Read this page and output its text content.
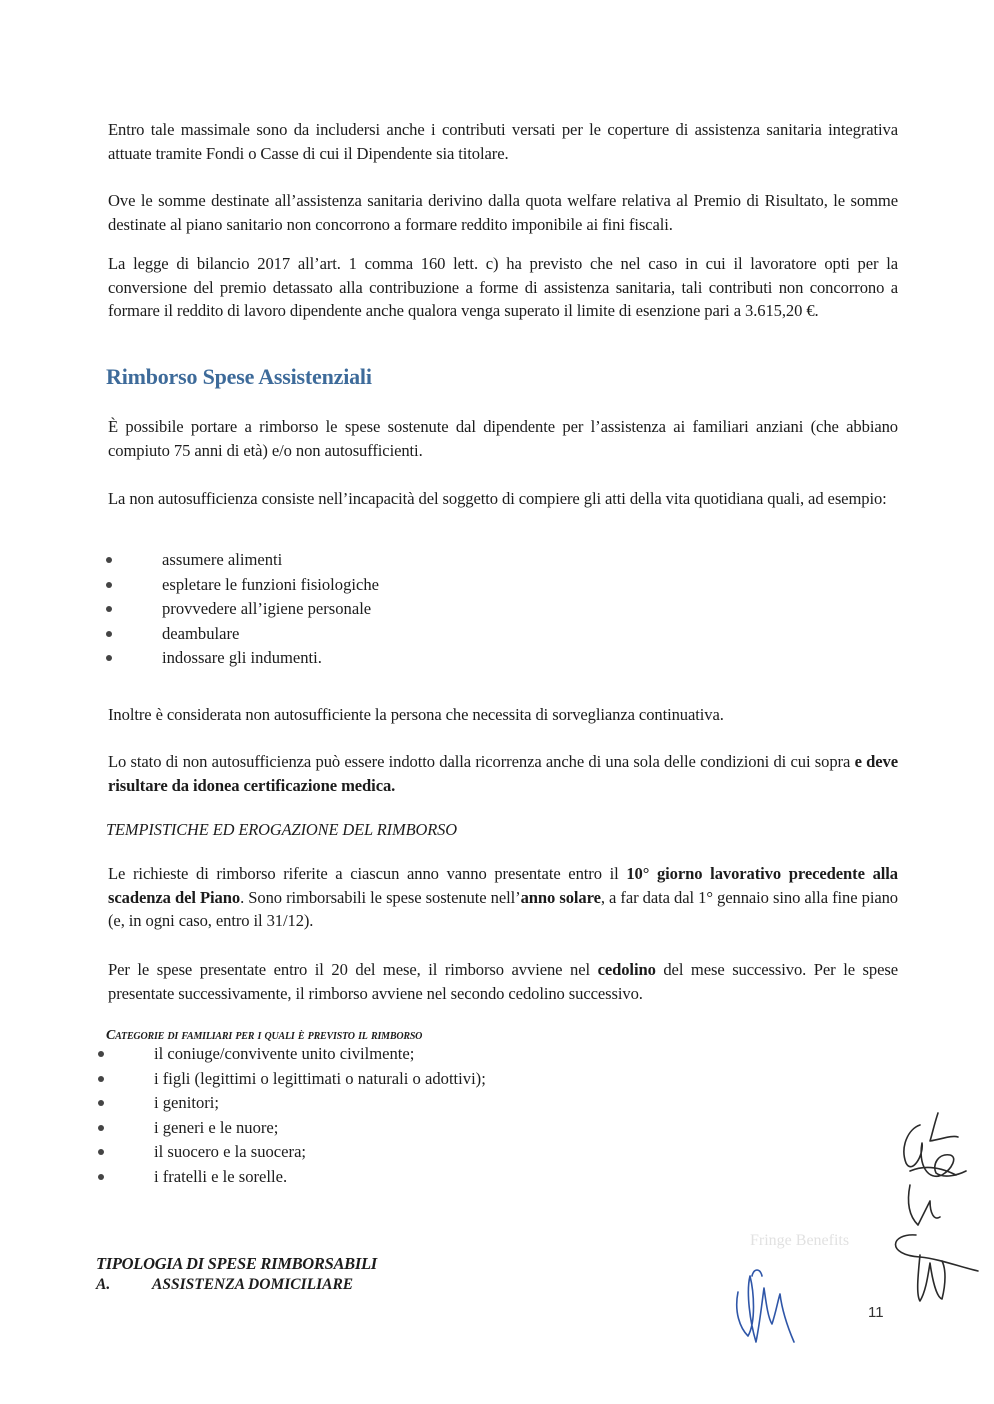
Fringe Benefits

Entro tale massimale sono da includersi anche i contributi versati per le coperture di assistenza sanitaria integrativa attuate tramite Fondi o Casse di cui il Dipendente sia titolare.

Ove le somme destinate all’assistenza sanitaria derivino dalla quota welfare relativa al Premio di Risultato, le somme destinate al piano sanitario non concorrono a formare reddito imponibile ai fini fiscali.

La legge di bilancio 2017 all’art. 1 comma 160 lett. c) ha previsto che nel caso in cui il lavoratore opti per la conversione del premio detassato alla contribuzione a forme di assistenza sanitaria, tali contributi non concorrono a formare il reddito di lavoro dipendente anche qualora venga superato il limite di esenzione pari a 3.615,20 €.

Rimborso Spese Assistenziali

È possibile portare a rimborso le spese sostenute dal dipendente per l’assistenza ai familiari anziani (che abbiano compiuto 75 anni di età) e/o non autosufficienti.

La non autosufficienza consiste nell’incapacità del soggetto di compiere gli atti della vita quotidiana quali, ad esempio:

assumere alimenti
espletare le funzioni fisiologiche
provvedere all’igiene personale
deambulare
indossare gli indumenti.

Inoltre è considerata non autosufficiente la persona che necessita di sorveglianza continuativa.

Lo stato di non autosufficienza può essere indotto dalla ricorrenza anche di una sola delle condizioni di cui sopra e deve risultare da idonea certificazione medica.

TEMPISTICHE ED EROGAZIONE DEL RIMBORSO

Le richieste di rimborso riferite a ciascun anno vanno presentate entro il 10° giorno lavorativo precedente alla scadenza del Piano. Sono rimborsabili le spese sostenute nell’anno solare, a far data dal 1° gennaio sino alla fine piano (e, in ogni caso, entro il 31/12).

Per le spese presentate entro il 20 del mese, il rimborso avviene nel cedolino del mese successivo. Per le spese presentate successivamente, il rimborso avviene nel secondo cedolino successivo.

Categorie di familiari per i quali è previsto il rimborso
il coniuge/convivente unito civilmente;
i figli (legittimi o legittimati o naturali o adottivi);
i genitori;
i generi e le nuore;
il suocero e la suocera;
i fratelli e le sorelle.
TIPOLOGIA DI SPESE RIMBORSABILI
A.	ASSISTENZA DOMICILIARE
11
